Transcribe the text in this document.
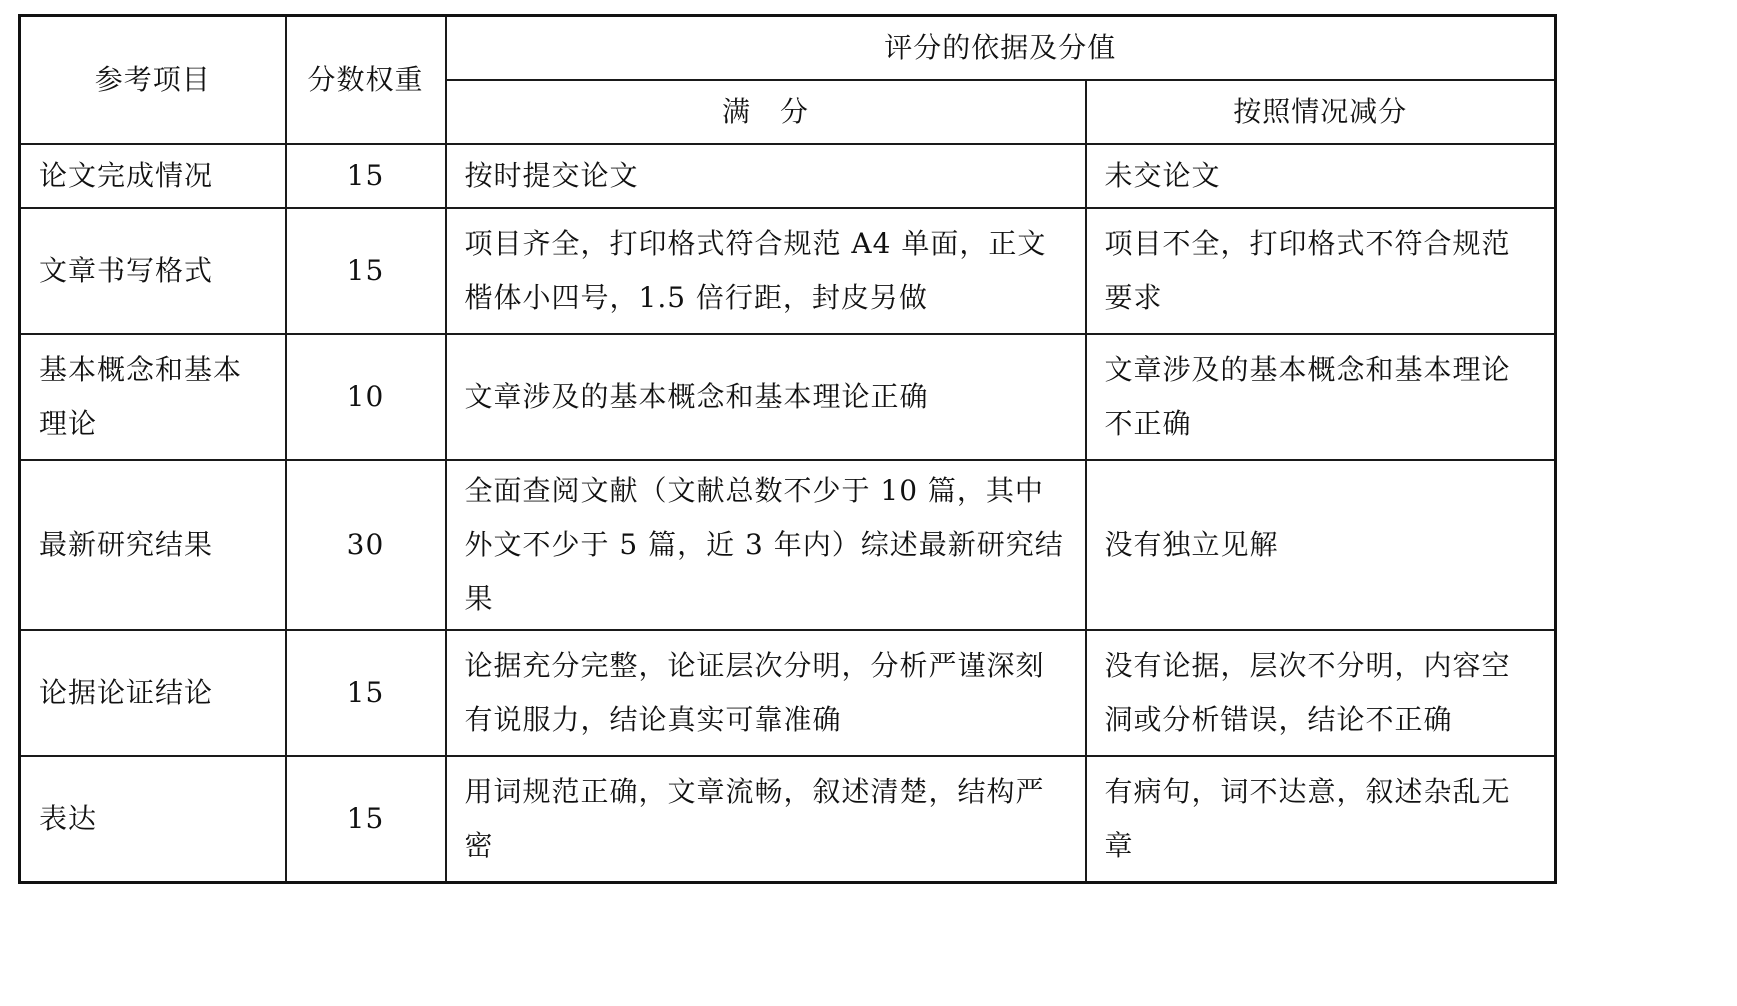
参考项目	分数权重	评分的依据及分值	
		满　分	按照情况减分
论文完成情况	15	按时提交论文	未交论文
文章书写格式	15	项目齐全，打印格式符合规范 A4 单面，正文楷体小四号，1.5 倍行距，封皮另做	项目不全，打印格式不符合规范要求
基本概念和基本理论	10	文章涉及的基本概念和基本理论正确	文章涉及的基本概念和基本理论不正确
最新研究结果	30	全面查阅文献（文献总数不少于 10 篇，其中外文不少于 5 篇，近 3 年内）综述最新研究结果	没有独立见解
论据论证结论	15	论据充分完整，论证层次分明，分析严谨深刻有说服力，结论真实可靠准确	没有论据，层次不分明，内容空洞或分析错误，结论不正确
表达	15	用词规范正确，文章流畅，叙述清楚，结构严密	有病句，词不达意，叙述杂乱无章
